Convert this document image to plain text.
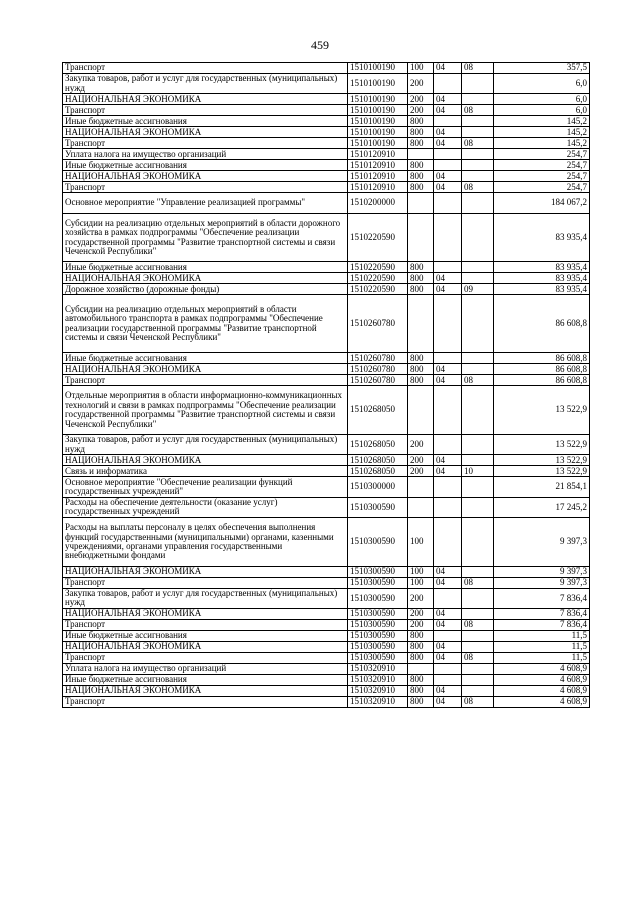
459
Транспорт	1510100190	100	04	08	357,5
Закупка товаров, работ и услуг для государственных (муниципальных) нужд	1510100190	200			6,0
НАЦИОНАЛЬНАЯ ЭКОНОМИКА	1510100190	200	04		6,0
Транспорт	1510100190	200	04	08	6,0
Иные бюджетные ассигнования	1510100190	800			145,2
НАЦИОНАЛЬНАЯ ЭКОНОМИКА	1510100190	800	04		145,2
Транспорт	1510100190	800	04	08	145,2
Уплата налога на имущество организаций	1510120910				254,7
Иные бюджетные ассигнования	1510120910	800			254,7
НАЦИОНАЛЬНАЯ ЭКОНОМИКА	1510120910	800	04		254,7
Транспорт	1510120910	800	04	08	254,7
Основное мероприятие "Управление реализацией программы"	1510200000				184 067,2
Субсидии на реализацию отдельных мероприятий в области дорожного хозяйства в рамках подпрограммы "Обеспечение реализации государственной программы "Развитие транспортной системы и связи Чеченской Республики"	1510220590				83 935,4
Иные бюджетные ассигнования	1510220590	800			83 935,4
НАЦИОНАЛЬНАЯ ЭКОНОМИКА	1510220590	800	04		83 935,4
Дорожное хозяйство (дорожные фонды)	1510220590	800	04	09	83 935,4
Субсидии на реализацию отдельных мероприятий в области автомобильного транспорта в рамках подпрограммы "Обеспечение реализации государственной программы "Развитие транспортной системы и связи Чеченской Республики"	1510260780				86 608,8
Иные бюджетные ассигнования	1510260780	800			86 608,8
НАЦИОНАЛЬНАЯ ЭКОНОМИКА	1510260780	800	04		86 608,8
Транспорт	1510260780	800	04	08	86 608,8
Отдельные мероприятия в области информационно-коммуникационных технологий и связи в рамках подпрограммы "Обеспечение реализации государственной программы "Развитие транспортной системы и связи Чеченской Республики"	1510268050				13 522,9
Закупка товаров, работ и услуг для государственных (муниципальных) нужд	1510268050	200			13 522,9
НАЦИОНАЛЬНАЯ ЭКОНОМИКА	1510268050	200	04		13 522,9
Связь и информатика	1510268050	200	04	10	13 522,9
Основное мероприятие "Обеспечение реализации функций государственных учреждений"	1510300000				21 854,1
Расходы на обеспечение деятельности (оказание услуг) государственных учреждений	1510300590				17 245,2
Расходы на выплаты персоналу в целях обеспечения выполнения функций государственными (муниципальными) органами, казенными учреждениями, органами управления государственными внебюджетными фондами	1510300590	100			9 397,3
НАЦИОНАЛЬНАЯ ЭКОНОМИКА	1510300590	100	04		9 397,3
Транспорт	1510300590	100	04	08	9 397,3
Закупка товаров, работ и услуг для государственных (муниципальных) нужд	1510300590	200			7 836,4
НАЦИОНАЛЬНАЯ ЭКОНОМИКА	1510300590	200	04		7 836,4
Транспорт	1510300590	200	04	08	7 836,4
Иные бюджетные ассигнования	1510300590	800			11,5
НАЦИОНАЛЬНАЯ ЭКОНОМИКА	1510300590	800	04		11,5
Транспорт	1510300590	800	04	08	11,5
Уплата налога на имущество организаций	1510320910				4 608,9
Иные бюджетные ассигнования	1510320910	800			4 608,9
НАЦИОНАЛЬНАЯ ЭКОНОМИКА	1510320910	800	04		4 608,9
Транспорт	1510320910	800	04	08	4 608,9
